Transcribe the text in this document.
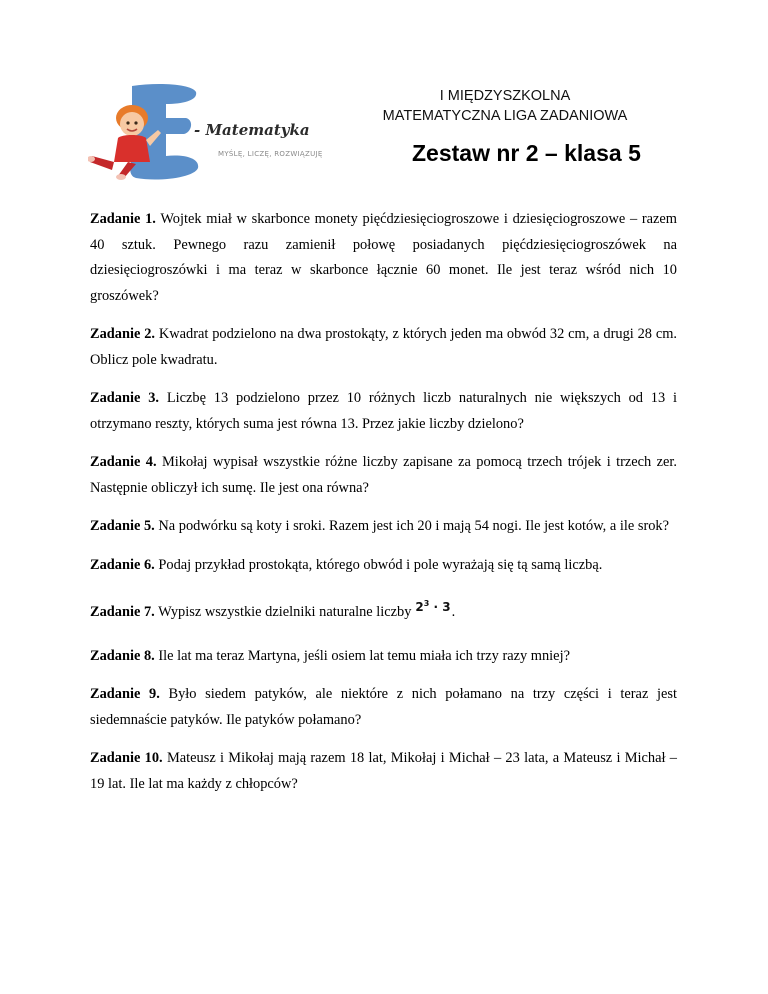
- Matematyka
MYŚLĘ, LICZĘ, ROZWIĄZUJĘ
I MIĘDZYSZKOLNA
MATEMATYCZNA LIGA ZADANIOWA
Zestaw nr 2 – klasa 5

Zadanie 1. Wojtek miał w skarbonce monety pięćdziesięciogroszowe i dziesięciogroszowe – razem 40 sztuk. Pewnego razu zamienił połowę posiadanych pięćdziesięciogroszówek na dziesięciogroszówki i ma teraz w skarbonce łącznie 60 monet. Ile jest teraz wśród nich 10 groszówek?

Zadanie 2. Kwadrat podzielono na dwa prostokąty, z których jeden ma obwód 32 cm, a drugi 28 cm. Oblicz pole kwadratu.

Zadanie 3. Liczbę 13 podzielono przez 10 różnych liczb naturalnych nie większych od 13 i otrzymano reszty, których suma jest równa 13. Przez jakie liczby dzielono?

Zadanie 4. Mikołaj wypisał wszystkie różne liczby zapisane za pomocą trzech trójek i trzech zer. Następnie obliczył ich sumę. Ile jest ona równa?

Zadanie 5. Na podwórku są koty i sroki. Razem jest ich 20 i mają 54 nogi. Ile jest kotów, a ile srok?

Zadanie 6. Podaj przykład prostokąta, którego obwód i pole wyrażają się tą samą liczbą.

Zadanie 7. Wypisz wszystkie dzielniki naturalne liczby $2^3 \cdot 3$.

Zadanie 8. Ile lat ma teraz Martyna, jeśli osiem lat temu miała ich trzy razy mniej?

Zadanie 9. Było siedem patyków, ale niektóre z nich połamano na trzy części i teraz jest siedemnaście patyków. Ile patyków połamano?

Zadanie 10. Mateusz i Mikołaj mają razem 18 lat, Mikołaj i Michał – 23 lata, a Mateusz i Michał – 19 lat. Ile lat ma każdy z chłopców?
